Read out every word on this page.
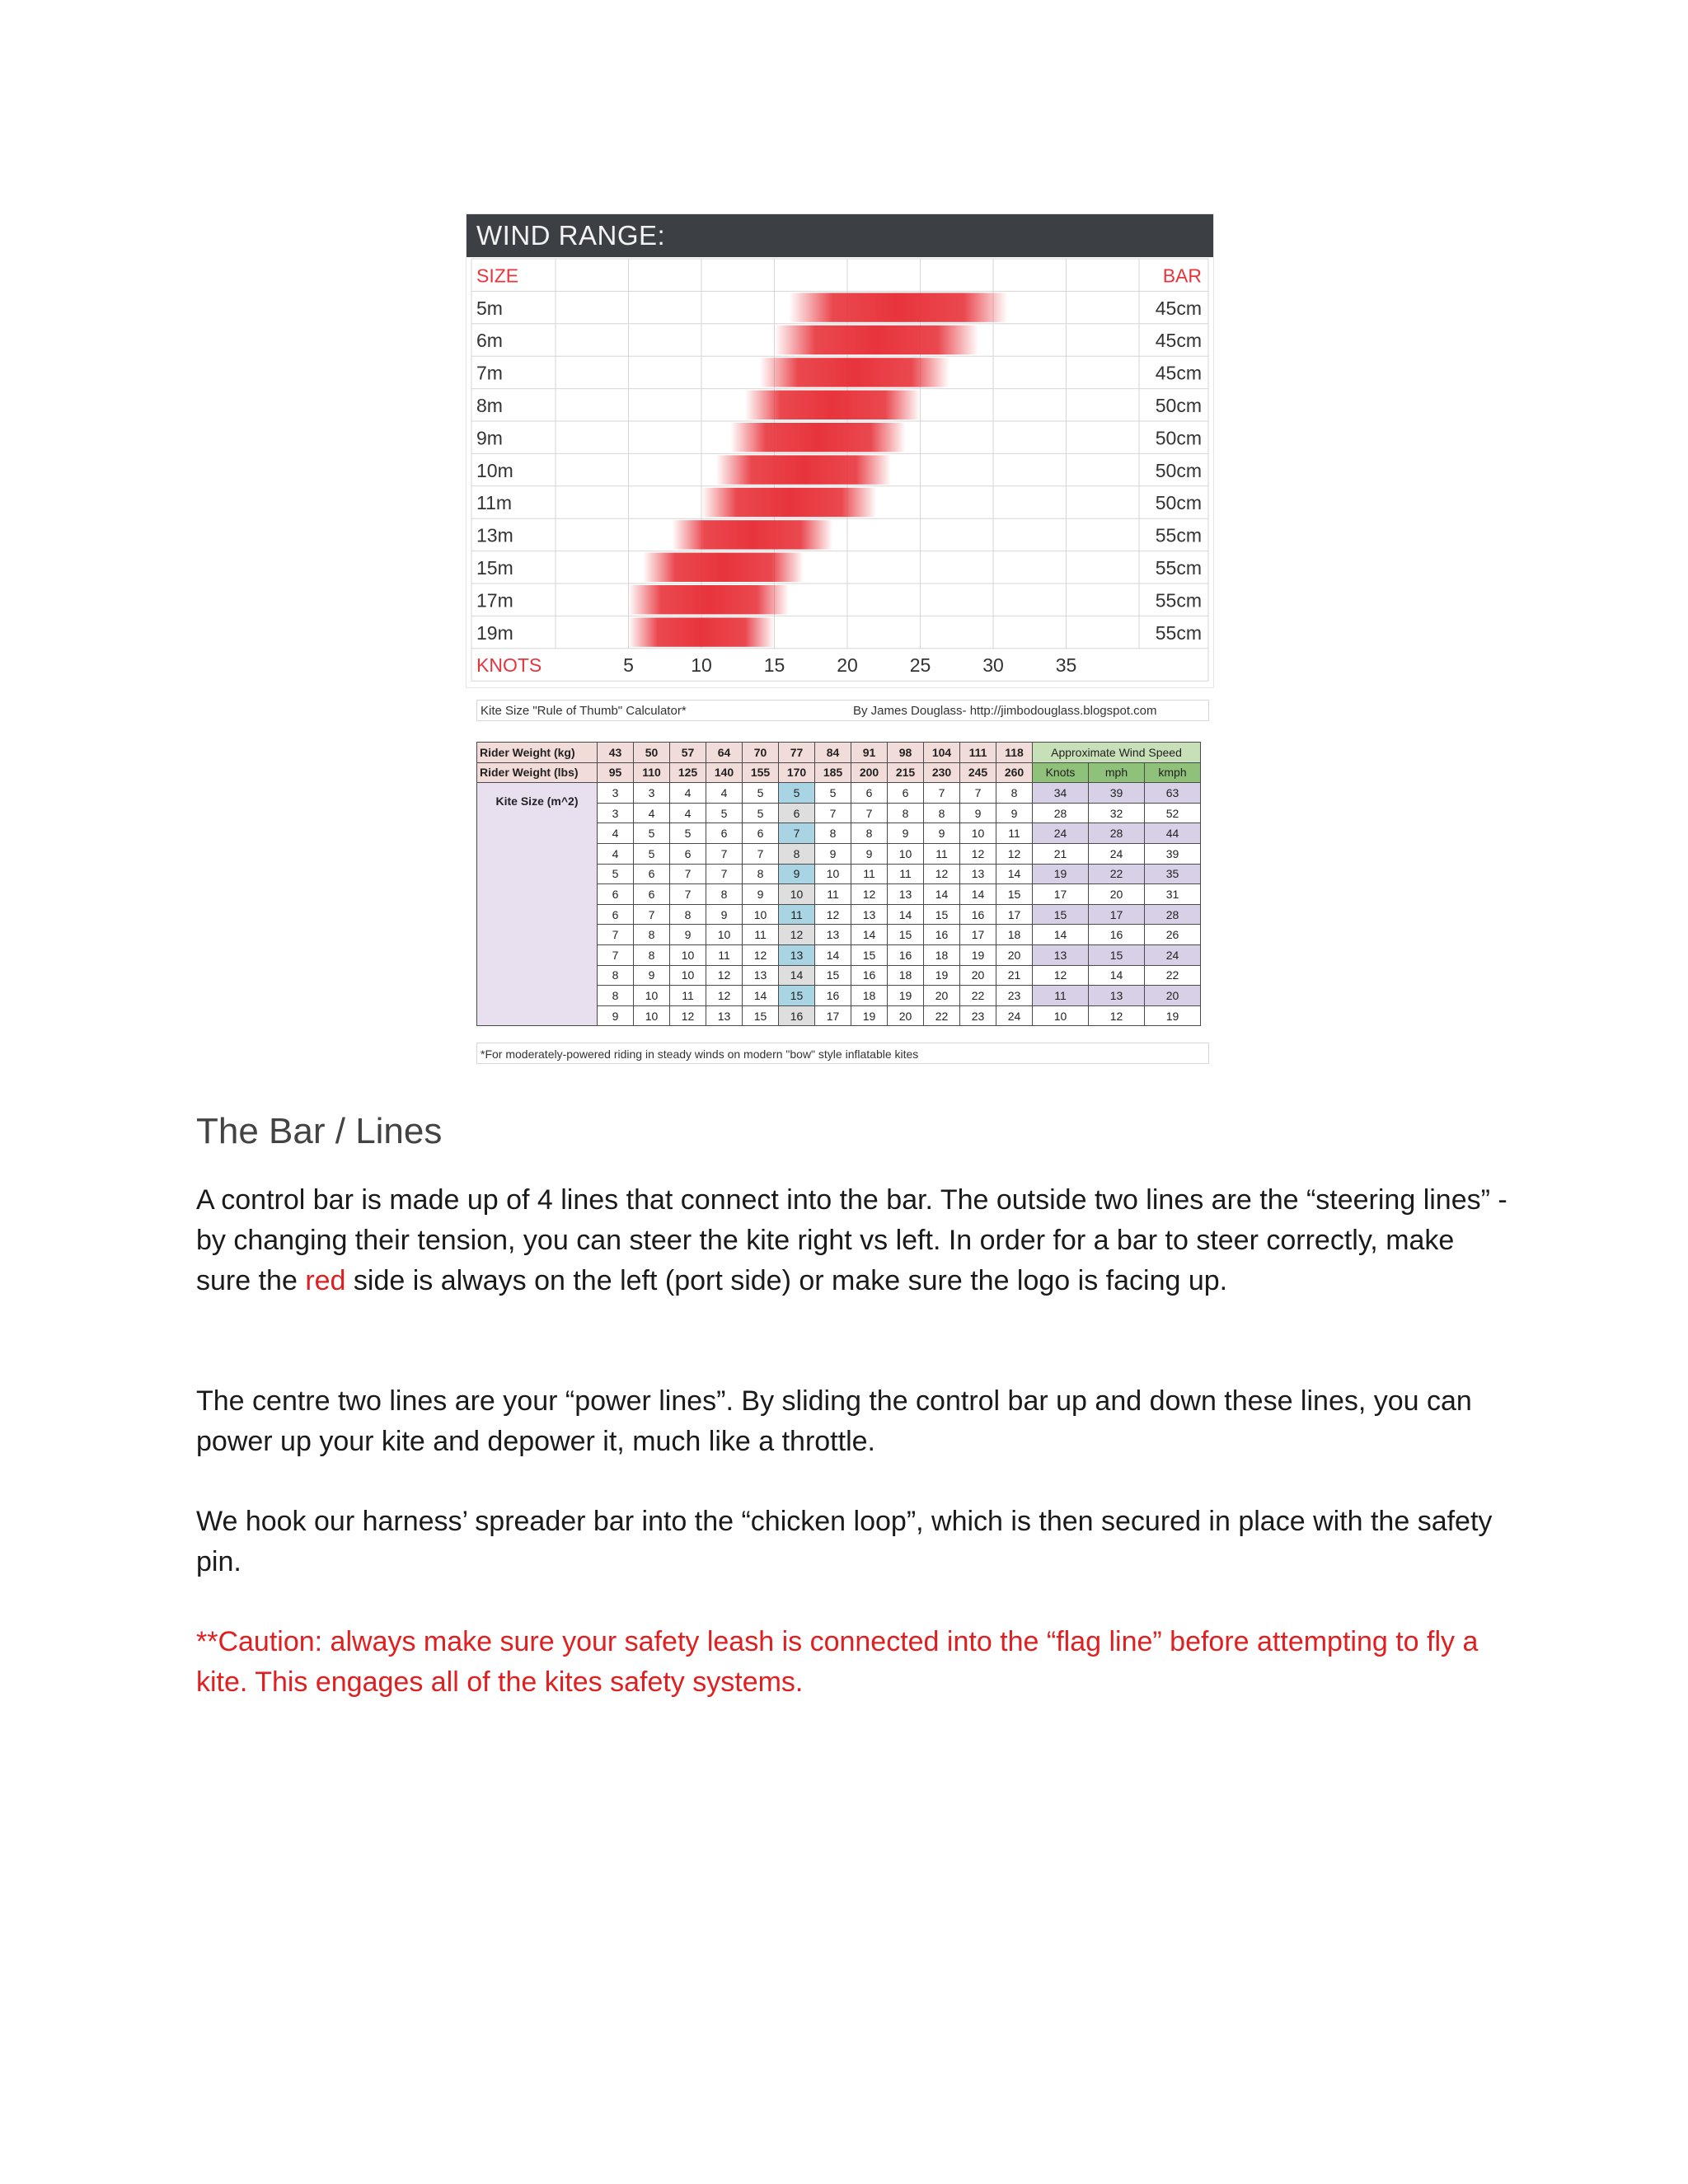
WIND RANGE:
SIZE	BAR
5m	45cm
6m	45cm
7m	45cm
8m	50cm
9m	50cm
10m	50cm
11m	50cm
13m	55cm
15m	55cm
17m	55cm
19m	55cm
KNOTS	5	10	15	20	25	30	35
Kite Size "Rule of Thumb" Calculator*	By James Douglass- http://jimbodouglass.blogspot.com
Rider Weight (kg)	43	50	57	64	70	77	84	91	98	104	111	118	Approximate Wind Speed		
Rider Weight (lbs)	95	110	125	140	155	170	185	200	215	230	245	260	Knots	mph	kmph
Kite Size (m^2)	3	3	4	4	5	5	5	6	6	7	7	8	34	39	63
	3	4	4	5	5	6	7	7	8	8	9	9	28	32	52
	4	5	5	6	6	7	8	8	9	9	10	11	24	28	44
	4	5	6	7	7	8	9	9	10	11	12	12	21	24	39
	5	6	7	7	8	9	10	11	11	12	13	14	19	22	35
	6	6	7	8	9	10	11	12	13	14	14	15	17	20	31
	6	7	8	9	10	11	12	13	14	15	16	17	15	17	28
	7	8	9	10	11	12	13	14	15	16	17	18	14	16	26
	7	8	10	11	12	13	14	15	16	18	19	20	13	15	24
	8	9	10	12	13	14	15	16	18	19	20	21	12	14	22
	8	10	11	12	14	15	16	18	19	20	22	23	11	13	20
	9	10	12	13	15	16	17	19	20	22	23	24	10	12	19
*For moderately-powered riding in steady winds on modern "bow" style inflatable kites
The Bar / Lines

A control bar is made up of 4 lines that connect into the bar. The outside two lines are the “steering lines” - by changing their tension, you can steer the kite right vs left. In order for a bar to steer correctly, make sure the red side is always on the left (port side) or make sure the logo is facing up.

The centre two lines are your “power lines”. By sliding the control bar up and down these lines, you can power up your kite and depower it, much like a throttle.

We hook our harness’ spreader bar into the “chicken loop”, which is then secured in place with the safety pin.

**Caution: always make sure your safety leash is connected into the “flag line” before attempting to fly a kite. This engages all of the kites safety systems.
